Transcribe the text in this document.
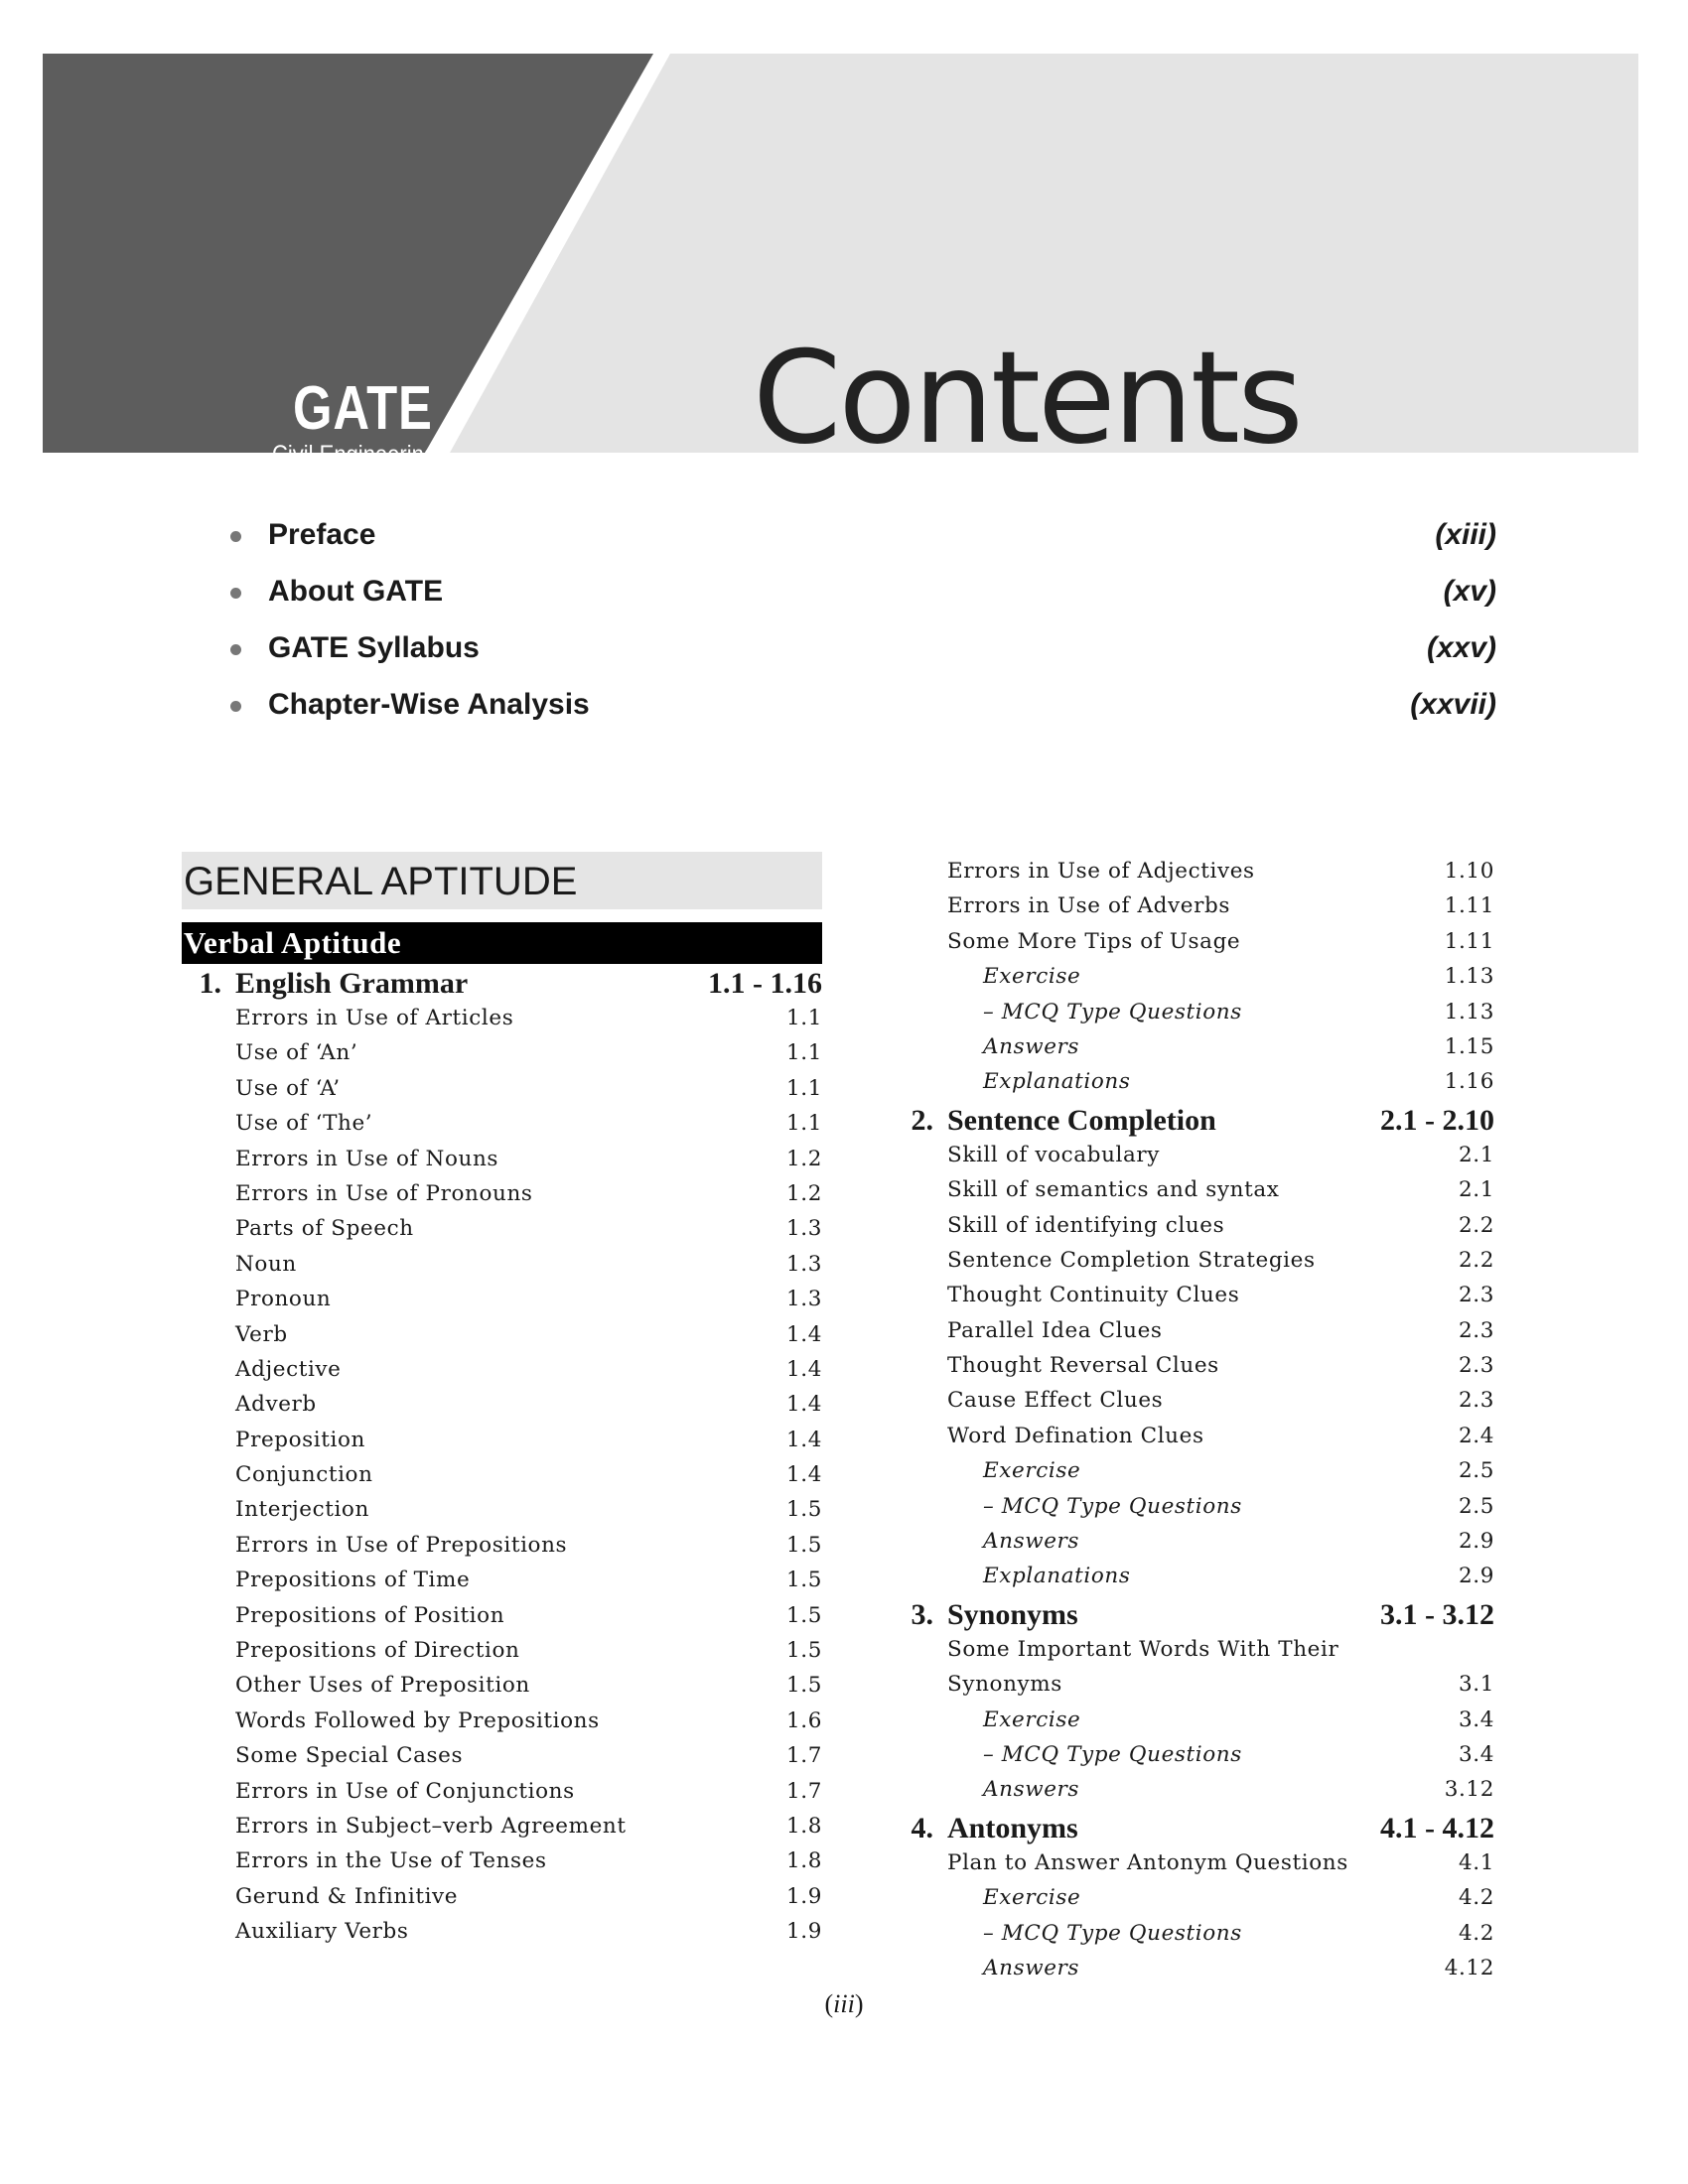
GATE
Civil Engineering Contents
Preface	(xiii)
About GATE	(xv)
GATE Syllabus	(xxv)
Chapter-Wise Analysis	(xxvii)
GENERAL APTITUDE
Verbal Aptitude
1. English Grammar	1.1 - 1.16
Errors in Use of Articles	1.1
Use of ‘An’	1.1
Use of ‘A’	1.1
Use of ‘The’	1.1
Errors in Use of Nouns	1.2
Errors in Use of Pronouns	1.2
Parts of Speech	1.3
Noun	1.3
Pronoun	1.3
Verb	1.4
Adjective	1.4
Adverb	1.4
Preposition	1.4
Conjunction	1.4
Interjection	1.5
Errors in Use of Prepositions	1.5
Prepositions of Time	1.5
Prepositions of Position	1.5
Prepositions of Direction	1.5
Other Uses of Preposition	1.5
Words Followed by Prepositions	1.6
Some Special Cases	1.7
Errors in Use of Conjunctions	1.7
Errors in Subject–verb Agreement	1.8
Errors in the Use of Tenses	1.8
Gerund & Infinitive	1.9
Auxiliary Verbs	1.9
Errors in Use of Adjectives	1.10
Errors in Use of Adverbs	1.11
Some More Tips of Usage	1.11
Exercise	1.13
– MCQ Type Questions	1.13
Answers	1.15
Explanations	1.16
2. Sentence Completion	2.1 - 2.10
Skill of vocabulary	2.1
Skill of semantics and syntax	2.1
Skill of identifying clues	2.2
Sentence Completion Strategies	2.2
Thought Continuity Clues	2.3
Parallel Idea Clues	2.3
Thought Reversal Clues	2.3
Cause Effect Clues	2.3
Word Defination Clues	2.4
Exercise	2.5
– MCQ Type Questions	2.5
Answers	2.9
Explanations	2.9
3. Synonyms	3.1 - 3.12
Some Important Words With Their
Synonyms	3.1
Exercise	3.4
– MCQ Type Questions	3.4
Answers	3.12
4. Antonyms	4.1 - 4.12
Plan to Answer Antonym Questions	4.1
Exercise	4.2
– MCQ Type Questions	4.2
Answers	4.12
(iii)
